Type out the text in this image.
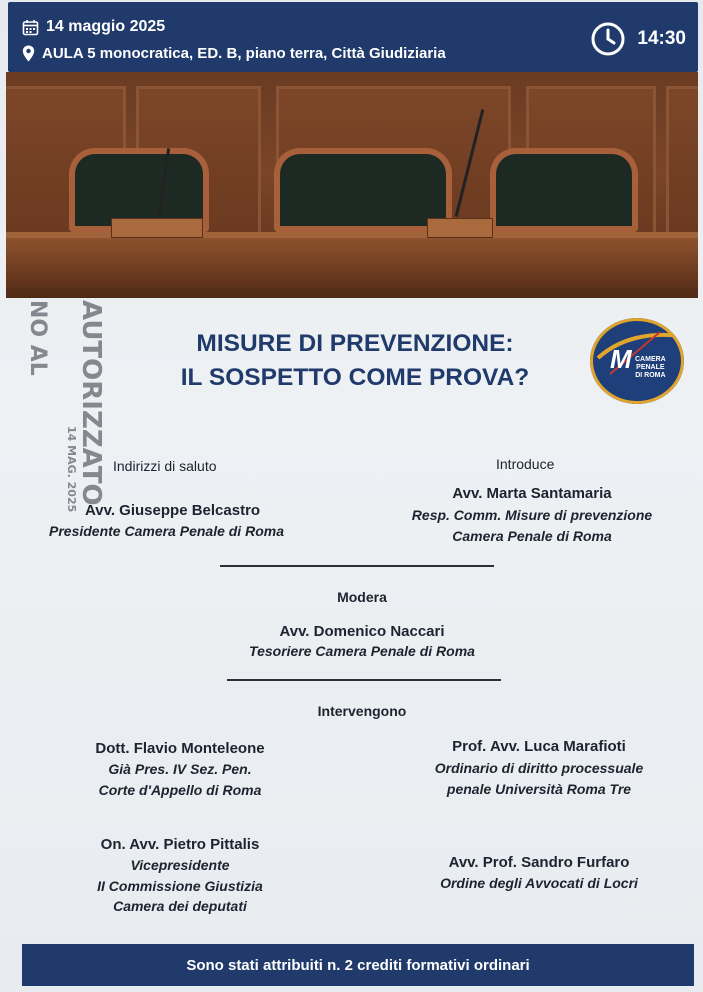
14 maggio 2025
AULA 5 monocratica, ED. B, piano terra, Città Giudiziaria
14:30
AUTORIZZATO
NO AL
14 MAG. 2025
MISURE DI PREVENZIONE:
IL SOSPETTO COME PROVA?
M CAMERA
PENALE
DI ROMA
Indirizzi di saluto
Avv. Giuseppe Belcastro
Presidente Camera Penale di Roma
Introduce
Avv. Marta Santamaria
Resp. Comm. Misure di prevenzione
Camera Penale di Roma
Modera
Avv. Domenico Naccari
Tesoriere Camera Penale di Roma
Intervengono
Dott. Flavio Monteleone
Già Pres. IV Sez. Pen.
Corte d'Appello di Roma
Prof. Avv. Luca Marafioti
Ordinario di diritto processuale
penale Università Roma Tre
On. Avv. Pietro Pittalis
Vicepresidente
II Commissione Giustizia
Camera dei deputati
Avv. Prof. Sandro Furfaro
Ordine degli Avvocati di Locri
Sono stati attribuiti n. 2 crediti formativi ordinari
